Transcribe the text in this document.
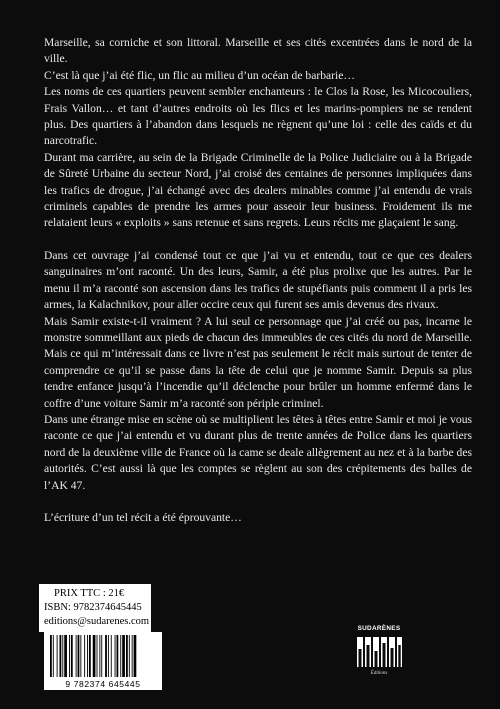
Marseille, sa corniche et son littoral. Marseille et ses cités excentrées dans le nord de la ville.

C’est là que j’ai été flic, un flic au milieu d’un océan de barbarie…

Les noms de ces quartiers peuvent sembler enchanteurs : le Clos la Rose, les Micocouliers, Frais Vallon… et tant d’autres endroits où les flics et les marins-pompiers ne se rendent plus. Des quartiers à l’abandon dans lesquels ne règnent qu’une loi : celle des caïds et du narcotrafic.

Durant ma carrière, au sein de la Brigade Criminelle de la Police Judiciaire ou à la Brigade de Sûreté Urbaine du secteur Nord, j’ai croisé des centaines de personnes impliquées dans les trafics de drogue, j’ai échangé avec des dealers minables comme j’ai entendu de vrais criminels capables de prendre les armes pour asseoir leur business. Froidement ils me relataient leurs « exploits » sans retenue et sans regrets. Leurs récits me glaçaient le sang.

Dans cet ouvrage j’ai condensé tout ce que j’ai vu et entendu, tout ce que ces dealers sanguinaires m’ont raconté. Un des leurs, Samir, a été plus prolixe que les autres. Par le menu il m’a raconté son ascension dans les trafics de stupéfiants puis comment il a pris les armes, la Kalachnikov, pour aller occire ceux qui furent ses amis devenus des rivaux.

Mais Samir existe-t-il vraiment ? A lui seul ce personnage que j’ai créé ou pas, incarne le monstre sommeillant aux pieds de chacun des immeubles de ces cités du nord de Marseille. Mais ce qui m’intéressait dans ce livre n’est pas seulement le récit mais surtout de tenter de comprendre ce qu’il se passe dans la tête de celui que je nomme Samir. Depuis sa plus tendre enfance jusqu’à l’incendie qu’il déclenche pour brûler un homme enfermé dans le coffre d’une voiture Samir m’a raconté son périple criminel.

Dans une étrange mise en scène où se multiplient les têtes à têtes entre Samir et moi je vous raconte ce que j’ai entendu et vu durant plus de trente années de Police dans les quartiers nord de la deuxième ville de France où la came se deale allègrement au nez et à la barbe des autorités. C’est aussi là que les comptes se règlent au son des crépitements des balles de l’AK 47.

L’écriture d’un tel récit a été éprouvante…

PRIX TTC : 21€
ISBN: 9782374645445
editions@sudarenes.com
9 782374 645445
SUDARÈNES
Éditions
